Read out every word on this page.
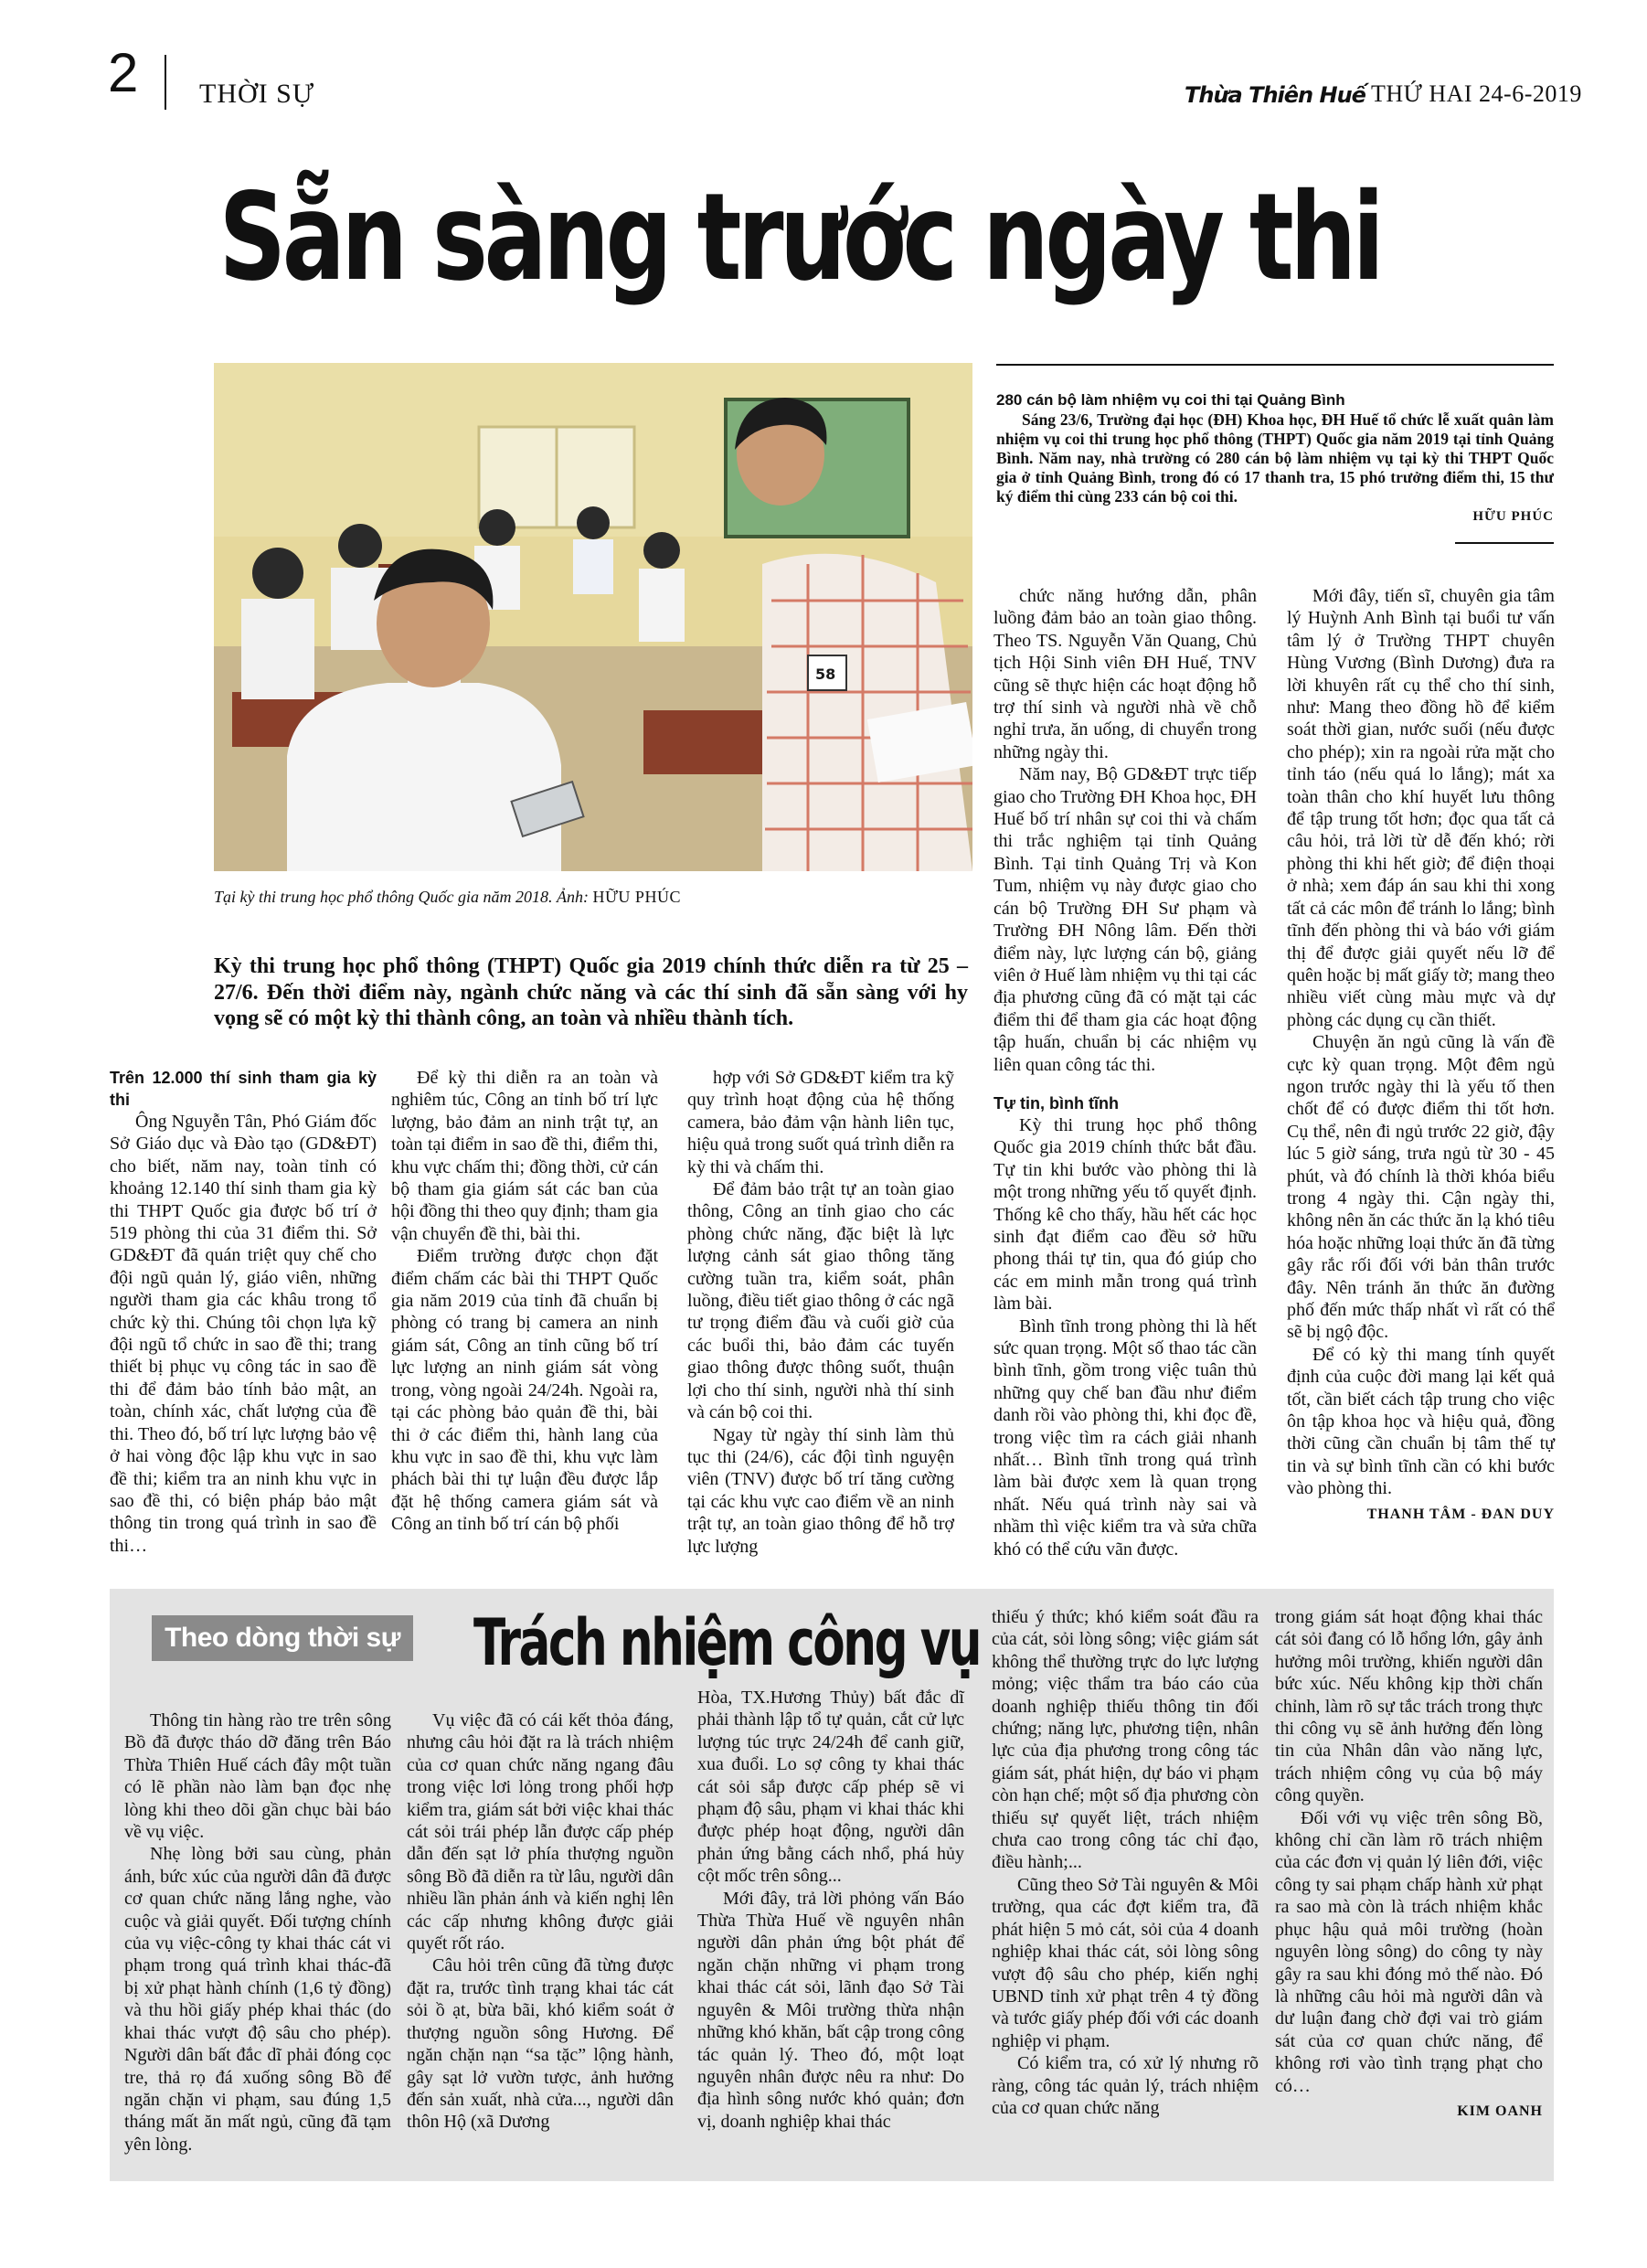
2 THỜI SỰ	Thừa Thiên Huế THỨ HAI 24-6-2019
Sẵn sàng trước ngày thi
58
Tại kỳ thi trung học phổ thông Quốc gia năm 2018. Ảnh: HỮU PHÚC
280 cán bộ làm nhiệm vụ coi thi tại Quảng Bình
Sáng 23/6, Trường đại học (ĐH) Khoa học, ĐH Huế tổ chức lễ xuất quân làm nhiệm vụ coi thi trung học phổ thông (THPT) Quốc gia năm 2019 tại tỉnh Quảng Bình. Năm nay, nhà trường có 280 cán bộ làm nhiệm vụ tại kỳ thi THPT Quốc gia ở tỉnh Quảng Bình, trong đó có 17 thanh tra, 15 phó trưởng điểm thi, 15 thư ký điểm thi cùng 233 cán bộ coi thi.
HỮU PHÚC
Kỳ thi trung học phổ thông (THPT) Quốc gia 2019 chính thức diễn ra từ 25 – 27/6. Đến thời điểm này, ngành chức năng và các thí sinh đã sẵn sàng với hy vọng sẽ có một kỳ thi thành công, an toàn và nhiều thành tích.

Trên 12.000 thí sinh tham gia kỳ thi

Ông Nguyễn Tân, Phó Giám đốc Sở Giáo dục và Đào tạo (GD&ĐT) cho biết, năm nay, toàn tỉnh có khoảng 12.140 thí sinh tham gia kỳ thi THPT Quốc gia được bố trí ở 519 phòng thi của 31 điểm thi. Sở GD&ĐT đã quán triệt quy chế cho đội ngũ quản lý, giáo viên, những người tham gia các khâu trong tổ chức kỳ thi. Chúng tôi chọn lựa kỹ đội ngũ tổ chức in sao đề thi; trang thiết bị phục vụ công tác in sao đề thi để đảm bảo tính bảo mật, an toàn, chính xác, chất lượng của đề thi. Theo đó, bố trí lực lượng bảo vệ ở hai vòng độc lập khu vực in sao đề thi; kiểm tra an ninh khu vực in sao đề thi, có biện pháp bảo mật thông tin trong quá trình in sao đề thi…

Để kỳ thi diễn ra an toàn và nghiêm túc, Công an tỉnh bố trí lực lượng, bảo đảm an ninh trật tự, an toàn tại điểm in sao đề thi, điểm thi, khu vực chấm thi; đồng thời, cử cán bộ tham gia giám sát các ban của hội đồng thi theo quy định; tham gia vận chuyển đề thi, bài thi.

Điểm trường được chọn đặt điểm chấm các bài thi THPT Quốc gia năm 2019 của tỉnh đã chuẩn bị phòng có trang bị camera an ninh giám sát, Công an tỉnh cũng bố trí lực lượng an ninh giám sát vòng trong, vòng ngoài 24/24h. Ngoài ra, tại các phòng bảo quản đề thi, bài thi ở các điểm thi, hành lang của khu vực in sao đề thi, khu vực làm phách bài thi tự luận đều được lắp đặt hệ thống camera giám sát và Công an tỉnh bố trí cán bộ phối

hợp với Sở GD&ĐT kiểm tra kỹ quy trình hoạt động của hệ thống camera, bảo đảm vận hành liên tục, hiệu quả trong suốt quá trình diễn ra kỳ thi và chấm thi.

Để đảm bảo trật tự an toàn giao thông, Công an tỉnh giao cho các phòng chức năng, đặc biệt là lực lượng cảnh sát giao thông tăng cường tuần tra, kiểm soát, phân luồng, điều tiết giao thông ở các ngã tư trọng điểm đầu và cuối giờ của các buổi thi, bảo đảm các tuyến giao thông được thông suốt, thuận lợi cho thí sinh, người nhà thí sinh và cán bộ coi thi.

Ngay từ ngày thí sinh làm thủ tục thi (24/6), các đội tình nguyện viên (TNV) được bố trí tăng cường tại các khu vực cao điểm về an ninh trật tự, an toàn giao thông để hỗ trợ lực lượng

chức năng hướng dẫn, phân luồng đảm bảo an toàn giao thông. Theo TS. Nguyễn Văn Quang, Chủ tịch Hội Sinh viên ĐH Huế, TNV cũng sẽ thực hiện các hoạt động hỗ trợ thí sinh và người nhà về chỗ nghỉ trưa, ăn uống, di chuyển trong những ngày thi.

Năm nay, Bộ GD&ĐT trực tiếp giao cho Trường ĐH Khoa học, ĐH Huế bố trí nhân sự coi thi và chấm thi trắc nghiệm tại tỉnh Quảng Bình. Tại tỉnh Quảng Trị và Kon Tum, nhiệm vụ này được giao cho cán bộ Trường ĐH Sư phạm và Trường ĐH Nông lâm. Đến thời điểm này, lực lượng cán bộ, giảng viên ở Huế làm nhiệm vụ thi tại các địa phương cũng đã có mặt tại các điểm thi để tham gia các hoạt động tập huấn, chuẩn bị các nhiệm vụ liên quan công tác thi.

Tự tin, bình tĩnh

Kỳ thi trung học phổ thông Quốc gia 2019 chính thức bắt đầu. Tự tin khi bước vào phòng thi là một trong những yếu tố quyết định. Thống kê cho thấy, hầu hết các học sinh đạt điểm cao đều sở hữu phong thái tự tin, qua đó giúp cho các em minh mẫn trong quá trình làm bài.

Bình tĩnh trong phòng thi là hết sức quan trọng. Một số thao tác cần bình tĩnh, gồm trong việc tuân thủ những quy chế ban đầu như điểm danh rồi vào phòng thi, khi đọc đề, trong việc tìm ra cách giải nhanh nhất… Bình tĩnh trong quá trình làm bài được xem là quan trọng nhất. Nếu quá trình này sai và nhầm thì việc kiểm tra và sửa chữa khó có thể cứu vãn được.

Mới đây, tiến sĩ, chuyên gia tâm lý Huỳnh Anh Bình tại buổi tư vấn tâm lý ở Trường THPT chuyên Hùng Vương (Bình Dương) đưa ra lời khuyên rất cụ thể cho thí sinh, như: Mang theo đồng hồ để kiểm soát thời gian, nước suối (nếu được cho phép); xin ra ngoài rửa mặt cho tỉnh táo (nếu quá lo lắng); mát xa toàn thân cho khí huyết lưu thông để tập trung tốt hơn; đọc qua tất cả câu hỏi, trả lời từ dễ đến khó; rời phòng thi khi hết giờ; để điện thoại ở nhà; xem đáp án sau khi thi xong tất cả các môn để tránh lo lắng; bình tĩnh đến phòng thi và báo với giám thị để được giải quyết nếu lỡ để quên hoặc bị mất giấy tờ; mang theo nhiều viết cùng màu mực và dự phòng các dụng cụ cần thiết.

Chuyện ăn ngủ cũng là vấn đề cực kỳ quan trọng. Một đêm ngủ ngon trước ngày thi là yếu tố then chốt để có được điểm thi tốt hơn. Cụ thể, nên đi ngủ trước 22 giờ, đậy lúc 5 giờ sáng, trưa ngủ từ 30 - 45 phút, và đó chính là thời khóa biểu trong 4 ngày thi. Cận ngày thi, không nên ăn các thức ăn lạ khó tiêu hóa hoặc những loại thức ăn đã từng gây rắc rối đối với bản thân trước đây. Nên tránh ăn thức ăn đường phố đến mức thấp nhất vì rất có thể sẽ bị ngộ độc.

Để có kỳ thi mang tính quyết định của cuộc đời mang lại kết quả tốt, cần biết cách tập trung cho việc ôn tập khoa học và hiệu quả, đồng thời cũng cần chuẩn bị tâm thế tự tin và sự bình tĩnh cần có khi bước vào phòng thi.

THANH TÂM - ĐAN DUY

Theo dòng thời sự Trách nhiệm công vụ

Thông tin hàng rào tre trên sông Bồ đã được tháo dỡ đăng trên Báo Thừa Thiên Huế cách đây một tuần có lẽ phần nào làm bạn đọc nhẹ lòng khi theo dõi gần chục bài báo về vụ việc.

Nhẹ lòng bởi sau cùng, phản ánh, bức xúc của người dân đã được cơ quan chức năng lắng nghe, vào cuộc và giải quyết. Đối tượng chính của vụ việc-công ty khai thác cát vi phạm trong quá trình khai thác-đã bị xử phạt hành chính (1,6 tỷ đồng) và thu hồi giấy phép khai thác (do khai thác vượt độ sâu cho phép). Người dân bất đắc dĩ phải đóng cọc tre, thả rọ đá xuống sông Bồ để ngăn chặn vi phạm, sau đúng 1,5 tháng mất ăn mất ngủ, cũng đã tạm yên lòng.

Vụ việc đã có cái kết thỏa đáng, nhưng câu hỏi đặt ra là trách nhiệm của cơ quan chức năng ngang đâu trong việc lơi lỏng trong phối hợp kiểm tra, giám sát bởi việc khai thác cát sỏi trái phép lẫn được cấp phép dẫn đến sạt lở phía thượng nguồn sông Bồ đã diễn ra từ lâu, người dân nhiều lần phản ánh và kiến nghị lên các cấp nhưng không được giải quyết rốt ráo.

Câu hỏi trên cũng đã từng được đặt ra, trước tình trạng khai tác cát sỏi ồ ạt, bừa bãi, khó kiểm soát ở thượng nguồn sông Hương. Để ngăn chặn nạn “sa tặc” lộng hành, gây sạt lở vườn tược, ảnh hưởng đến sản xuất, nhà cửa..., người dân thôn Hộ (xã Dương

Hòa, TX.Hương Thủy) bất đắc dĩ phải thành lập tổ tự quản, cắt cử lực lượng túc trực 24/24h để canh giữ, xua đuổi. Lo sợ công ty khai thác cát sỏi sắp được cấp phép sẽ vi phạm độ sâu, phạm vi khai thác khi được phép hoạt động, người dân phản ứng bằng cách nhổ, phá hủy cột mốc trên sông...

Mới đây, trả lời phỏng vấn Báo Thừa Thừa Huế về nguyên nhân người dân phản ứng bột phát để ngăn chặn những vi phạm trong khai thác cát sỏi, lãnh đạo Sở Tài nguyên & Môi trường thừa nhận những khó khăn, bất cập trong công tác quản lý. Theo đó, một loạt nguyên nhân được nêu ra như: Do địa hình sông nước khó quản; đơn vị, doanh nghiệp khai thác

thiếu ý thức; khó kiểm soát đầu ra của cát, sỏi lòng sông; việc giám sát không thể thường trực do lực lượng mỏng; việc thẩm tra báo cáo của doanh nghiệp thiếu thông tin đối chứng; năng lực, phương tiện, nhân lực của địa phương trong công tác giám sát, phát hiện, dự báo vi phạm còn hạn chế; một số địa phương còn thiếu sự quyết liệt, trách nhiệm chưa cao trong công tác chỉ đạo, điều hành;...

Cũng theo Sở Tài nguyên & Môi trường, qua các đợt kiểm tra, đã phát hiện 5 mỏ cát, sỏi của 4 doanh nghiệp khai thác cát, sỏi lòng sông vượt độ sâu cho phép, kiến nghị UBND tỉnh xử phạt trên 4 tỷ đồng và tước giấy phép đối với các doanh nghiệp vi phạm.

Có kiểm tra, có xử lý nhưng rõ ràng, công tác quản lý, trách nhiệm của cơ quan chức năng

trong giám sát hoạt động khai thác cát sỏi đang có lỗ hổng lớn, gây ảnh hưởng môi trường, khiến người dân bức xúc. Nếu không kịp thời chấn chỉnh, làm rõ sự tắc trách trong thực thi công vụ sẽ ảnh hưởng đến lòng tin của Nhân dân vào năng lực, trách nhiệm công vụ của bộ máy công quyền.

Đối với vụ việc trên sông Bồ, không chỉ cần làm rõ trách nhiệm của các đơn vị quản lý liên đới, việc công ty sai phạm chấp hành xử phạt ra sao mà còn là trách nhiệm khắc phục hậu quả môi trường (hoàn nguyên lòng sông) do công ty này gây ra sau khi đóng mỏ thế nào. Đó là những câu hỏi mà người dân và dư luận đang chờ đợi vai trò giám sát của cơ quan chức năng, để không rơi vào tình trạng phạt cho có…

KIM OANH
